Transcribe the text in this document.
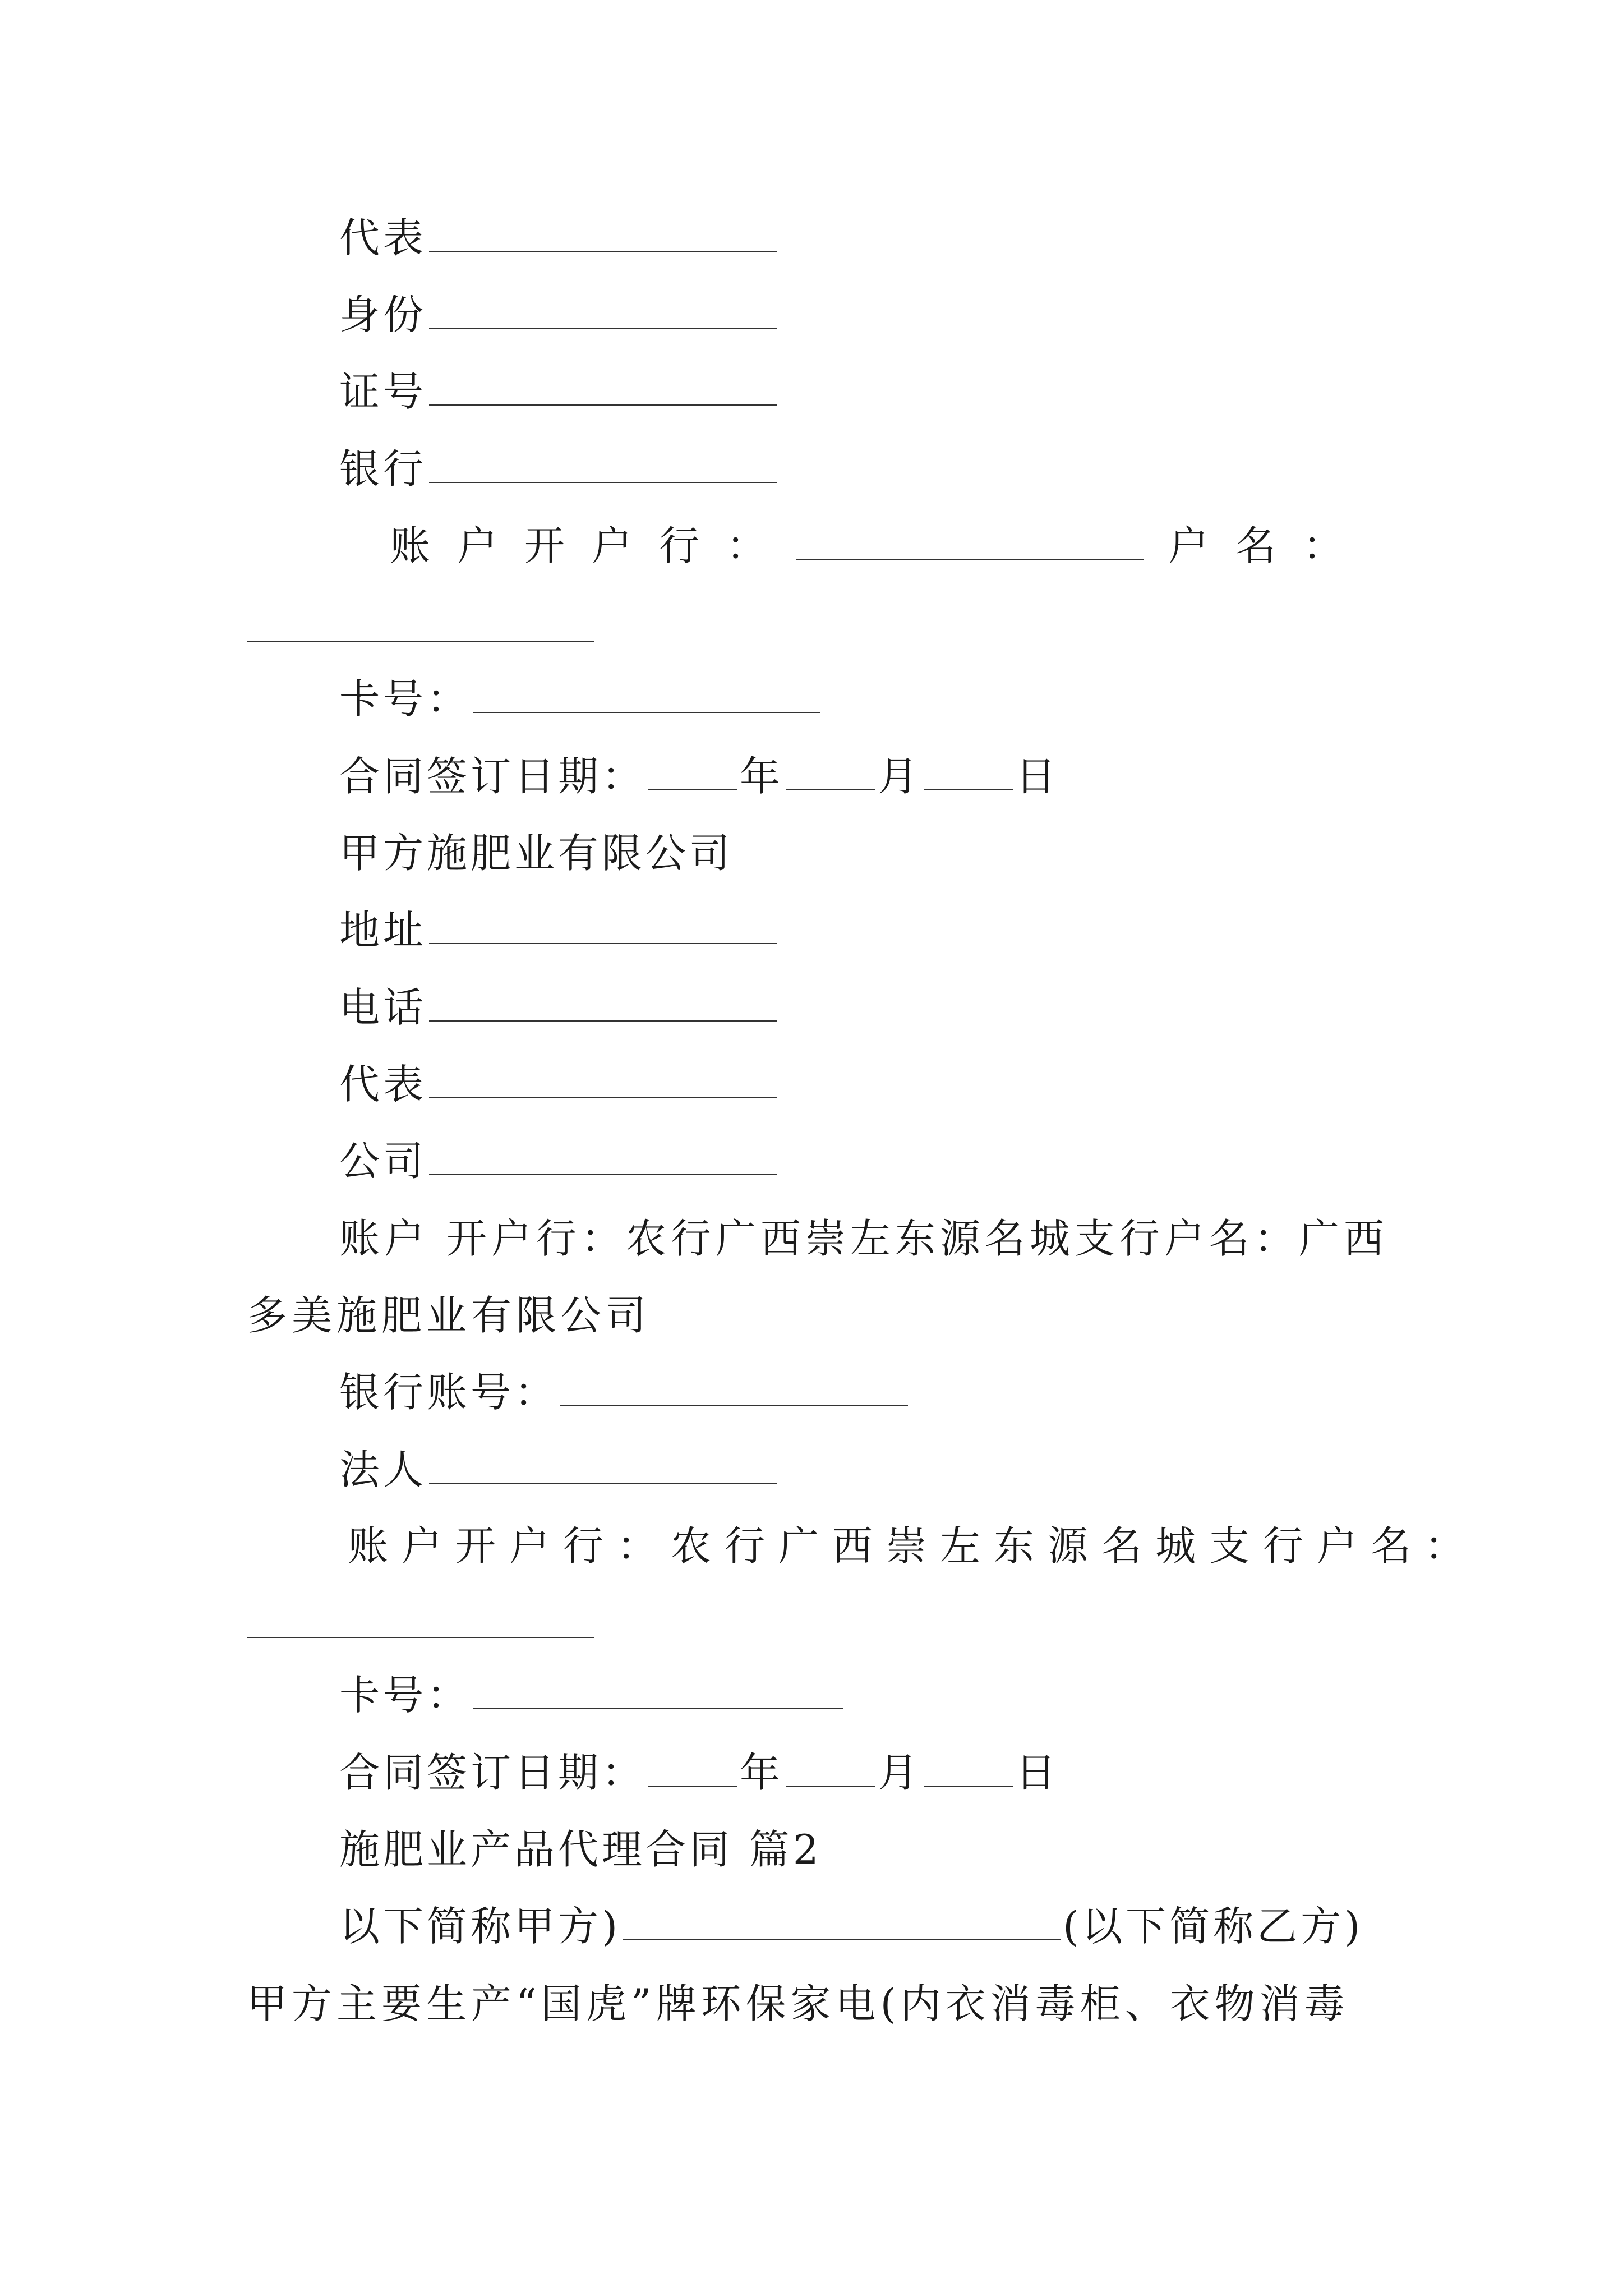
代表
身份
证号
银行
账户开户行：	户名：
卡号：
合同签订日期： 年 月 日
甲方施肥业有限公司
地址
电话
代表
公司
账户 开户行：农行广西崇左东源名城支行户名：广西
多美施肥业有限公司
银行账号：
法人
账户开户行：农行广西崇左东源名城支行户名：
卡号：
合同签订日期： 年 月 日
施肥业产品代理合同 篇2
以下简称甲方)	(以下简称乙方)
甲方主要生产“国虎”牌环保家电(内衣消毒柜、衣物消毒
